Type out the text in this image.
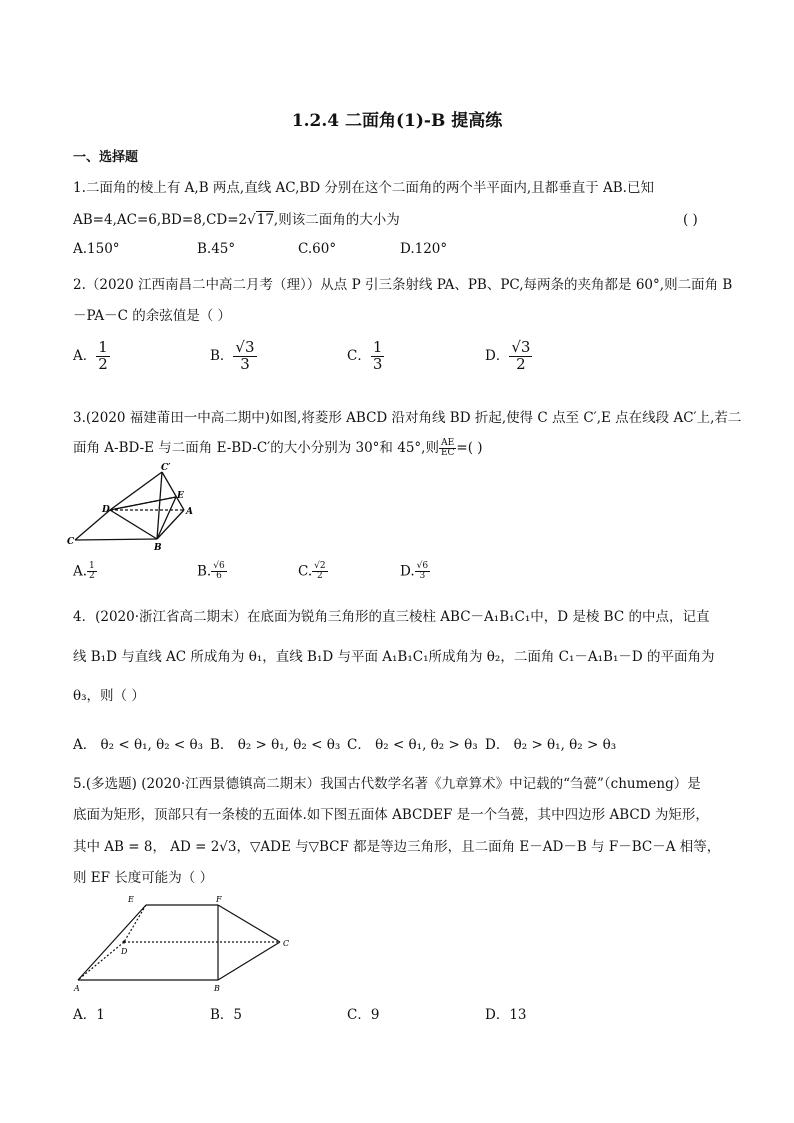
1.2.4 二面角(1)-B 提高练
一、选择题
1.二面角的棱上有 A,B 两点,直线 AC,BD 分别在这个二面角的两个半平面内,且都垂直于 AB.已知
AB=4,AC=6,BD=8,CD=2√17,则该二面角的大小为	( )
A.150°	B.45°	C.60°	D.120°
2.（2020 江西南昌二中高二月考（理））从点 P 引三条射线 PA、PB、PC,每两条的夹角都是 60°,则二面角 B
－PA－C 的余弦值是（ ）
A． $\frac{1}{2}$	B． $\frac{√3}{3}$	C． $\frac{1}{3}$	D． $\frac{√3}{2}$
3.(2020 福建莆田一中高二期中)如图,将菱形 ABCD 沿对角线 BD 折起,使得 C 点至 C′,E 点在线段 AC′上,若二
面角 A-BD-E 与二面角 E-BD-C′的大小分别为 30°和 45°,则 $\frac{AE}{EC}$ =( )
C′
E
D	A
C
B
A. $\frac{1}{2}$	B. $\frac{√6}{6}$	C. $\frac{√2}{2}$	D. $\frac{√6}{3}$
4．(2020·浙江省高二期末）在底面为锐角三角形的直三棱柱 ABC－A₁B₁C₁中，D 是棱 BC 的中点，记直
线 B₁D 与直线 AC 所成角为 θ₁，直线 B₁D 与平面 A₁B₁C₁所成角为 θ₂，二面角 C₁－A₁B₁－D 的平面角为
θ₃，则（ ）
A． θ₂ < θ₁, θ₂ < θ₃ B． θ₂ > θ₁, θ₂ < θ₃ C． θ₂ < θ₁, θ₂ > θ₃ D． θ₂ > θ₁, θ₂ > θ₃
5.(多选题) (2020·江西景德镇高二期末）我国古代数学名著《九章算术》中记载的“刍甍”（chumeng）是
底面为矩形，顶部只有一条棱的五面体.如下图五面体 ABCDEF 是一个刍甍，其中四边形 ABCD 为矩形，
其中 AB = 8， AD = 2√3，▽ADE 与▽BCF 都是等边三角形，且二面角 E－AD－B 与 F－BC－A 相等，
则 EF 长度可能为（ ）
E	F
D
C
A	B
A．1	B．5	C．9	D．13
